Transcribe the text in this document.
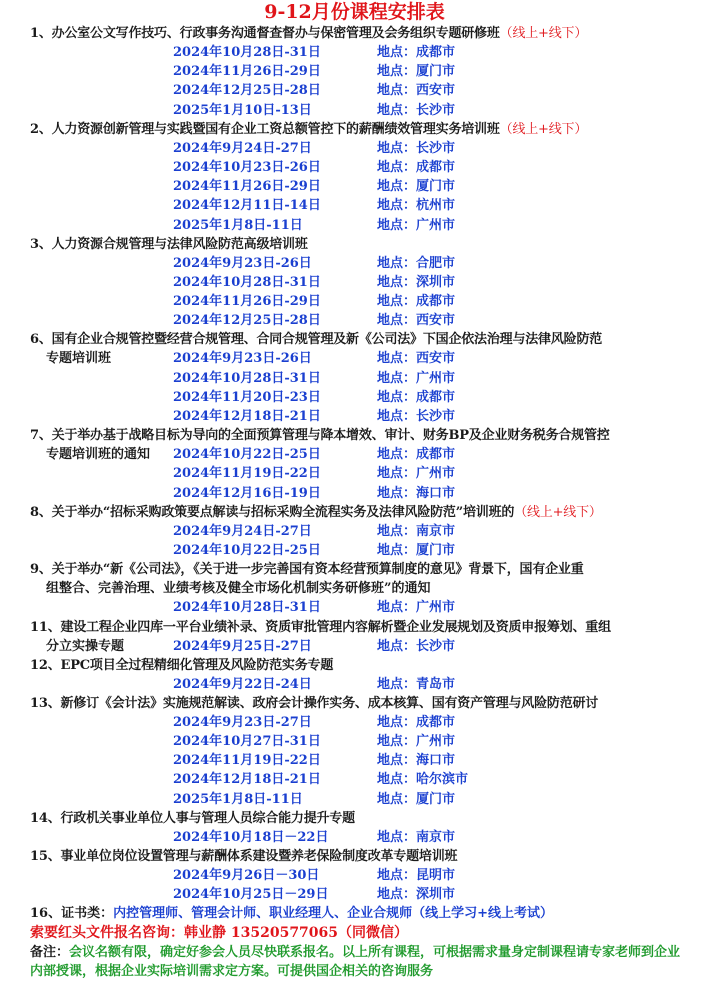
9-12月份课程安排表
1、办公室公文写作技巧、行政事务沟通督查督办与保密管理及会务组织专题研修班（线上+线下）
2024年10月28日-31日	地点：成都市
2024年11月26日-29日	地点：厦门市
2024年12月25日-28日	地点：西安市
2025年1月10日-13日	地点：长沙市
2、人力资源创新管理与实践暨国有企业工资总额管控下的薪酬绩效管理实务培训班（线上+线下）
2024年9月24日-27日	地点：长沙市
2024年10月23日-26日	地点：成都市
2024年11月26日-29日	地点：厦门市
2024年12月11日-14日	地点：杭州市
2025年1月8日-11日	地点：广州市
3、人力资源合规管理与法律风险防范高级培训班
2024年9月23日-26日	地点：合肥市
2024年10月28日-31日	地点：深圳市
2024年11月26日-29日	地点：成都市
2024年12月25日-28日	地点：西安市
6、国有企业合规管控暨经营合规管理、合同合规管理及新《公司法》下国企依法治理与法律风险防范
专题培训班	2024年9月23日-26日	地点：西安市
2024年10月28日-31日	地点：广州市
2024年11月20日-23日	地点：成都市
2024年12月18日-21日	地点：长沙市
7、关于举办基于战略目标为导向的全面预算管理与降本增效、审计、财务BP及企业财务税务合规管控
专题培训班的通知 2024年10月22日-25日	地点：成都市
2024年11月19日-22日	地点：广州市
2024年12月16日-19日	地点：海口市
8、关于举办“招标采购政策要点解读与招标采购全流程实务及法律风险防范”培训班的（线上+线下）
2024年9月24日-27日	地点：南京市
2024年10月22日-25日	地点：厦门市
9、关于举办“新《公司法》，《关于进一步完善国有资本经营预算制度的意见》背景下，国有企业重
组整合、完善治理、业绩考核及健全市场化机制实务研修班”的通知
2024年10月28日-31日	地点：广州市
11、建设工程企业四库一平台业绩补录、资质审批管理内容解析暨企业发展规划及资质申报筹划、重组
分立实操专题	2024年9月25日-27日	地点：长沙市
12、EPC项目全过程精细化管理及风险防范实务专题
2024年9月22日-24日	地点：青岛市
13、新修订《会计法》实施规范解读、政府会计操作实务、成本核算、国有资产管理与风险防范研讨
2024年9月23日-27日	地点：成都市
2024年10月27日-31日	地点：广州市
2024年11月19日-22日	地点：海口市
2024年12月18日-21日	地点：哈尔滨市
2025年1月8日-11日	地点：厦门市
14、行政机关事业单位人事与管理人员综合能力提升专题
2024年10月18日－22日	地点：南京市
15、事业单位岗位设置管理与薪酬体系建设暨养老保险制度改革专题培训班
2024年9月26日－30日	地点：昆明市
2024年10月25日－29日	地点：深圳市
16、证书类：内控管理师、管理会计师、职业经理人、企业合规师（线上学习+线上考试）
索要红头文件报名咨询：韩业静 13520577065（同微信）
备注：会议名额有限，确定好参会人员尽快联系报名。以上所有课程，可根据需求量身定制课程请专家老师到企业内部授课，根据企业实际培训需求定方案。可提供国企相关的咨询服务
